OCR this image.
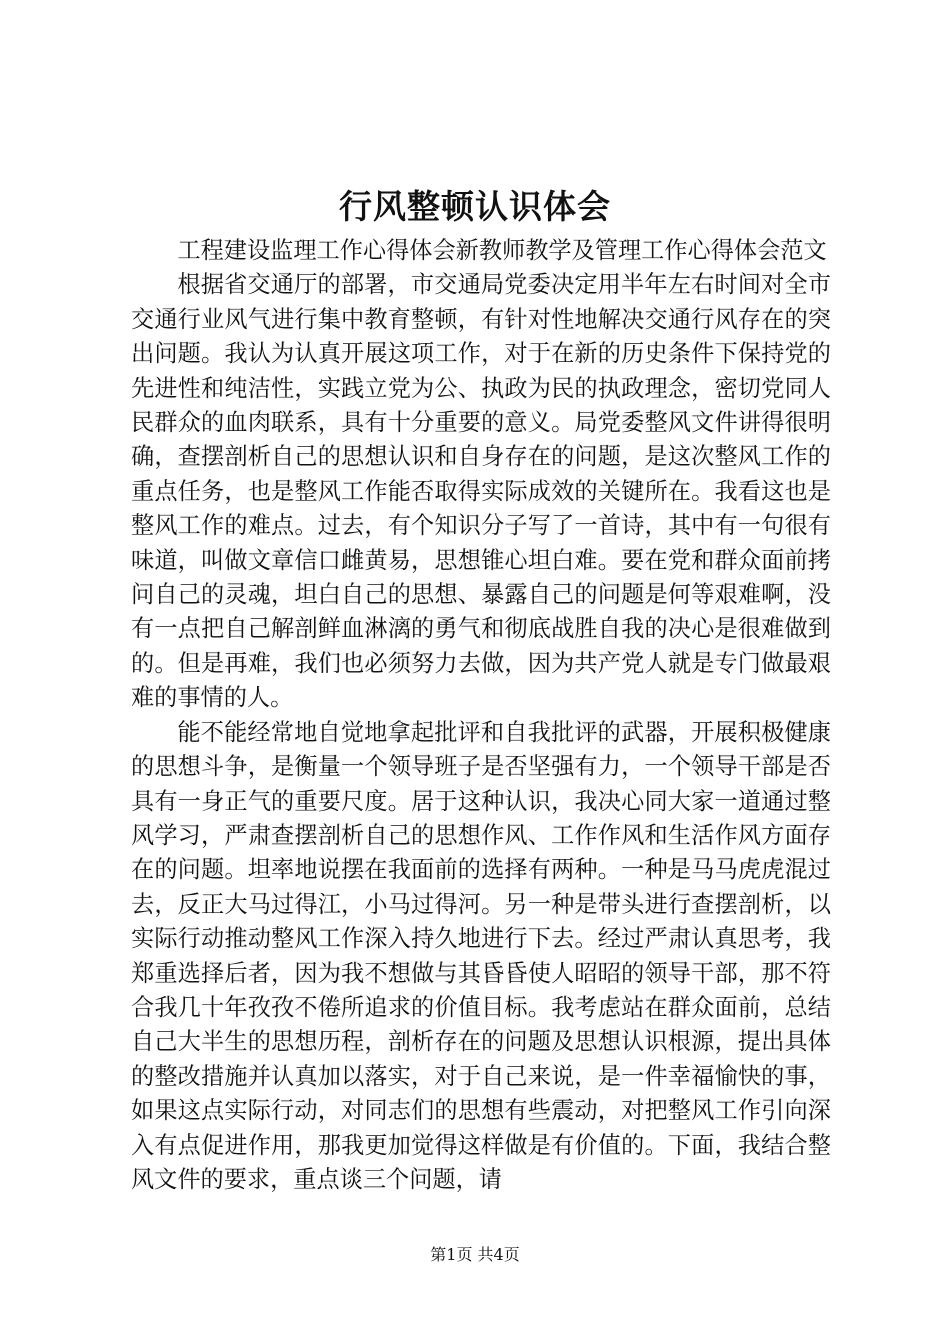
行风整顿认识体会

工程建设监理工作心得体会新教师教学及管理工作心得体会范文

根据省交通厅的部署，市交通局党委决定用半年左右时间对全市交通行业风气进行集中教育整顿，有针对性地解决交通行风存在的突出问题。我认为认真开展这项工作，对于在新的历史条件下保持党的先进性和纯洁性，实践立党为公、执政为民的执政理念，密切党同人民群众的血肉联系，具有十分重要的意义。局党委整风文件讲得很明确，查摆剖析自己的思想认识和自身存在的问题，是这次整风工作的重点任务，也是整风工作能否取得实际成效的关键所在。我看这也是整风工作的难点。过去，有个知识分子写了一首诗，其中有一句很有味道，叫做文章信口雌黄易，思想锥心坦白难。要在党和群众面前拷问自己的灵魂，坦白自己的思想、暴露自己的问题是何等艰难啊，没有一点把自己解剖鲜血淋漓的勇气和彻底战胜自我的决心是很难做到的。但是再难，我们也必须努力去做，因为共产党人就是专门做最艰难的事情的人。

能不能经常地自觉地拿起批评和自我批评的武器，开展积极健康的思想斗争，是衡量一个领导班子是否坚强有力，一个领导干部是否具有一身正气的重要尺度。居于这种认识，我决心同大家一道通过整风学习，严肃查摆剖析自己的思想作风、工作作风和生活作风方面存在的问题。坦率地说摆在我面前的选择有两种。一种是马马虎虎混过去，反正大马过得江，小马过得河。另一种是带头进行查摆剖析，以实际行动推动整风工作深入持久地进行下去。经过严肃认真思考，我郑重选择后者，因为我不想做与其昏昏使人昭昭的领导干部，那不符合我几十年孜孜不倦所追求的价值目标。我考虑站在群众面前，总结自己大半生的思想历程，剖析存在的问题及思想认识根源，提出具体的整改措施并认真加以落实，对于自己来说，是一件幸福愉快的事，如果这点实际行动，对同志们的思想有些震动，对把整风工作引向深入有点促进作用，那我更加觉得这样做是有价值的。下面，我结合整风文件的要求，重点谈三个问题，请

第1页 共4页
